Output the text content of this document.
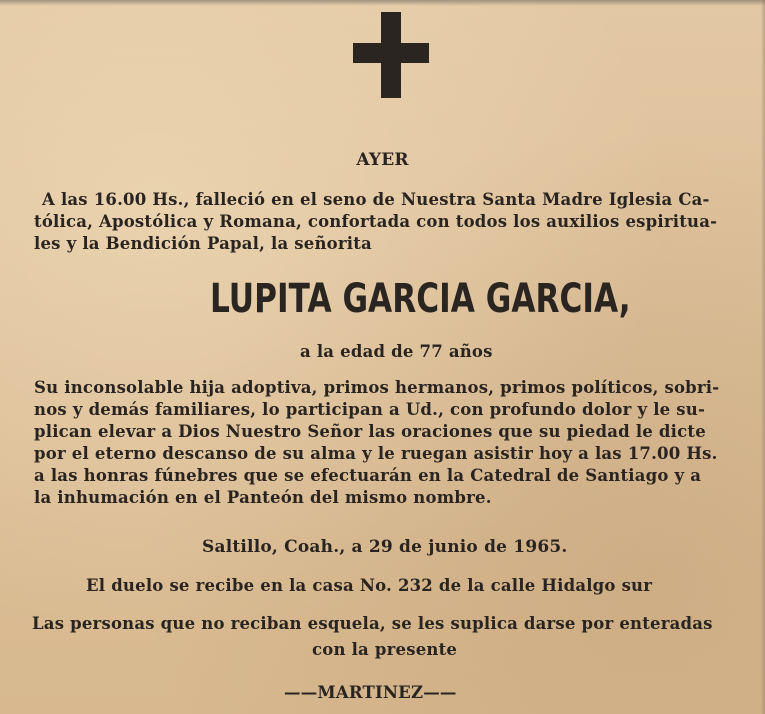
AYER
A las 16.00 Hs., falleció en el seno de Nuestra Santa Madre Iglesia Ca-
tólica, Apostólica y Romana, confortada con todos los auxilios espiritua-
les y la Bendición Papal, la señorita
LUPITA GARCIA GARCIA,
a la edad de 77 años
Su inconsolable hija adoptiva, primos hermanos, primos políticos, sobri-
nos y demás familiares, lo participan a Ud., con profundo dolor y le su-
plican elevar a Dios Nuestro Señor las oraciones que su piedad le dicte
por el eterno descanso de su alma y le ruegan asistir hoy a las 17.00 Hs.
a las honras fúnebres que se efectuarán en la Catedral de Santiago y a
la inhumación en el Panteón del mismo nombre.
Saltillo, Coah., a 29 de junio de 1965.
El duelo se recibe en la casa No. 232 de la calle Hidalgo sur
Las personas que no reciban esquela, se les suplica darse por enteradas
con la presente
——MARTINEZ——
